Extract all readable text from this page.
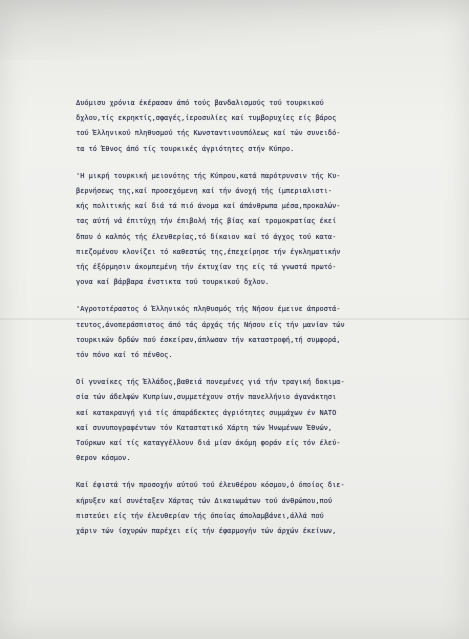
Δυόμισυ χρόνια έκέρασαν άπό τούς βανδαλισμούς τού τουρκικού
δχλου,τίς εκρηκτίς,σφαγές,ίεροσυλίες καί τυμβορυχίες είς βάρος
τού Έλληνικού πληθυσμού τής Κωνσταντινουπόλεως καί τών συνειδό-
τα τό Έθνος άπό τίς τουρκικές άγριότητες στήν Κύπρο.
'Η μικρή τουρκική μειονότης τής Κύπρου,κατά παρότρυνσιν τής Κυ-
βερνήσεως της,καί προσεχόμενη καί τήν άνοχή τής ίμπεριαλιστι-
κής πολιτικής καί διά τά πιό άνομα καί άπάνθρωπα μέσα,προκαλών-
τας αύτή νά έπιτύχη τήν έπιβολή τής βίας καί τρομοκρατίας έκεί
δπου ό καλπός τής έλευθερίας,τό δίκαιον καί τό άγχος τού κατα-
πιεζομένου κλονίζει τό καθεστώς της,έπεχείρησε τήν έγκληματικήν
τής έξόρμησιν άκομπεμένη τήν έκτυχίαν της είς τά γνωστά πρωτό-
γονα καί βάρβαρα ένστικτα τού τουρκικού δχλου.
'Αγροτοτέραστος ό Έλληνικός πληθυσμός τής Νήσου έμεινε άπροστά-
τευτος,άνοπεράσπιστος άπό τάς άρχάς τής Νήσου είς τήν μανίαν τών
τουρκικών δρδών πού έσκείραν,άπλωσαν τήν καταστροφή,τή συμφορά,
τόν πόνο καί τό πένθος.
Οί γυναίκες τής Έλλάδος,βαθειά πονεμένες γιά τήν τραγική δοκιμα-
σία τών άδελφών Κυπρίων,συμμετέχουν στήν πανελλήνιο άγανάκτησι
καί κατακραυγή γιά τίς άπαράδεκτες άγριότητες συμμάχων έν ΝΑΤΟ
καί συνυπογραφέντων τόν Καταστατικό Χάρτη τών Ήνωμένων Έθνών,
Τούρκων καί τίς καταγγέλλουν διά μίαν άκόμη φοράν είς τόν έλεύ-
θερον κόσμον.
Καί έφιστά τήν προσοχήν αύτού τού έλευθέρου κόσμου,ό όποίος διε-
κήρυξεν καί συνέταξεν Χάρτας τών Δικαιωμάτων τού άνθρώπου,πού
πιστεύει είς τήν έλευθερίαν τής όποίας άπολαμβάνει,άλλά πού
χάριν τών ίσχυρών παρέχει είς τήν έφαρμογήν τών άρχών έκείνων,
